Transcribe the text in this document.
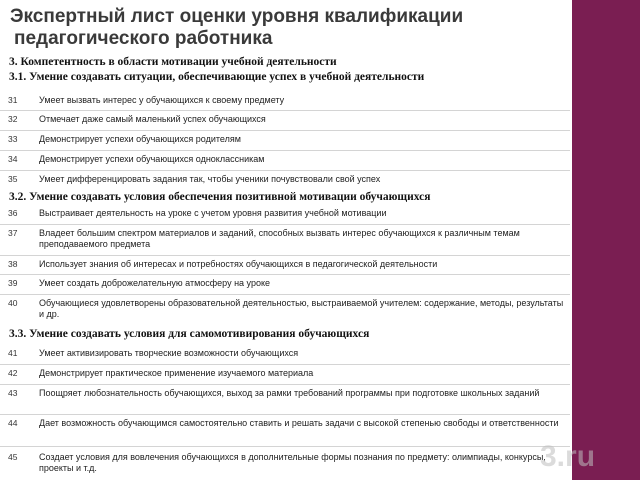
Экспертный лист оценки уровня квалификации
педагогического работника
3. Компетентность в области мотивации учебной деятельности
3.1. Умение создавать ситуации, обеспечивающие успех в учебной деятельности
31 Умеет вызвать интерес у обучающихся к своему предмету
32 Отмечает даже самый маленький успех обучающихся
33 Демонстрирует успехи обучающихся родителям
34 Демонстрирует успехи обучающихся одноклассникам
35 Умеет дифференцировать задания так, чтобы ученики почувствовали свой успех
3.2. Умение создавать условия обеспечения позитивной мотивации обучающихся
36 Выстраивает деятельность на уроке с учетом уровня развития учебной мотивации
37 Владеет большим спектром материалов и заданий, способных вызвать интерес обучающихся к различным темам преподаваемого предмета
38 Использует знания об интересах и потребностях обучающихся в педагогической деятельности
39 Умеет создать доброжелательную атмосферу на уроке
40 Обучающиеся удовлетворены образовательной деятельностью, выстраиваемой учителем: содержание, методы, результаты и др.
3.3. Умение создавать условия для самомотивирования обучающихся
41 Умеет активизировать творческие возможности обучающихся
42 Демонстрирует практическое применение изучаемого материала
43 Поощряет любознательность обучающихся, выход за рамки требований программы при подготовке школьных заданий
44 Дает возможность обучающимся самостоятельно ставить и решать задачи с высокой степенью свободы и ответственности
45 Создает условия для вовлечения обучающихся в дополнительные формы познания по предмету: олимпиады, конкурсы, проекты и т.д.	3.ru
